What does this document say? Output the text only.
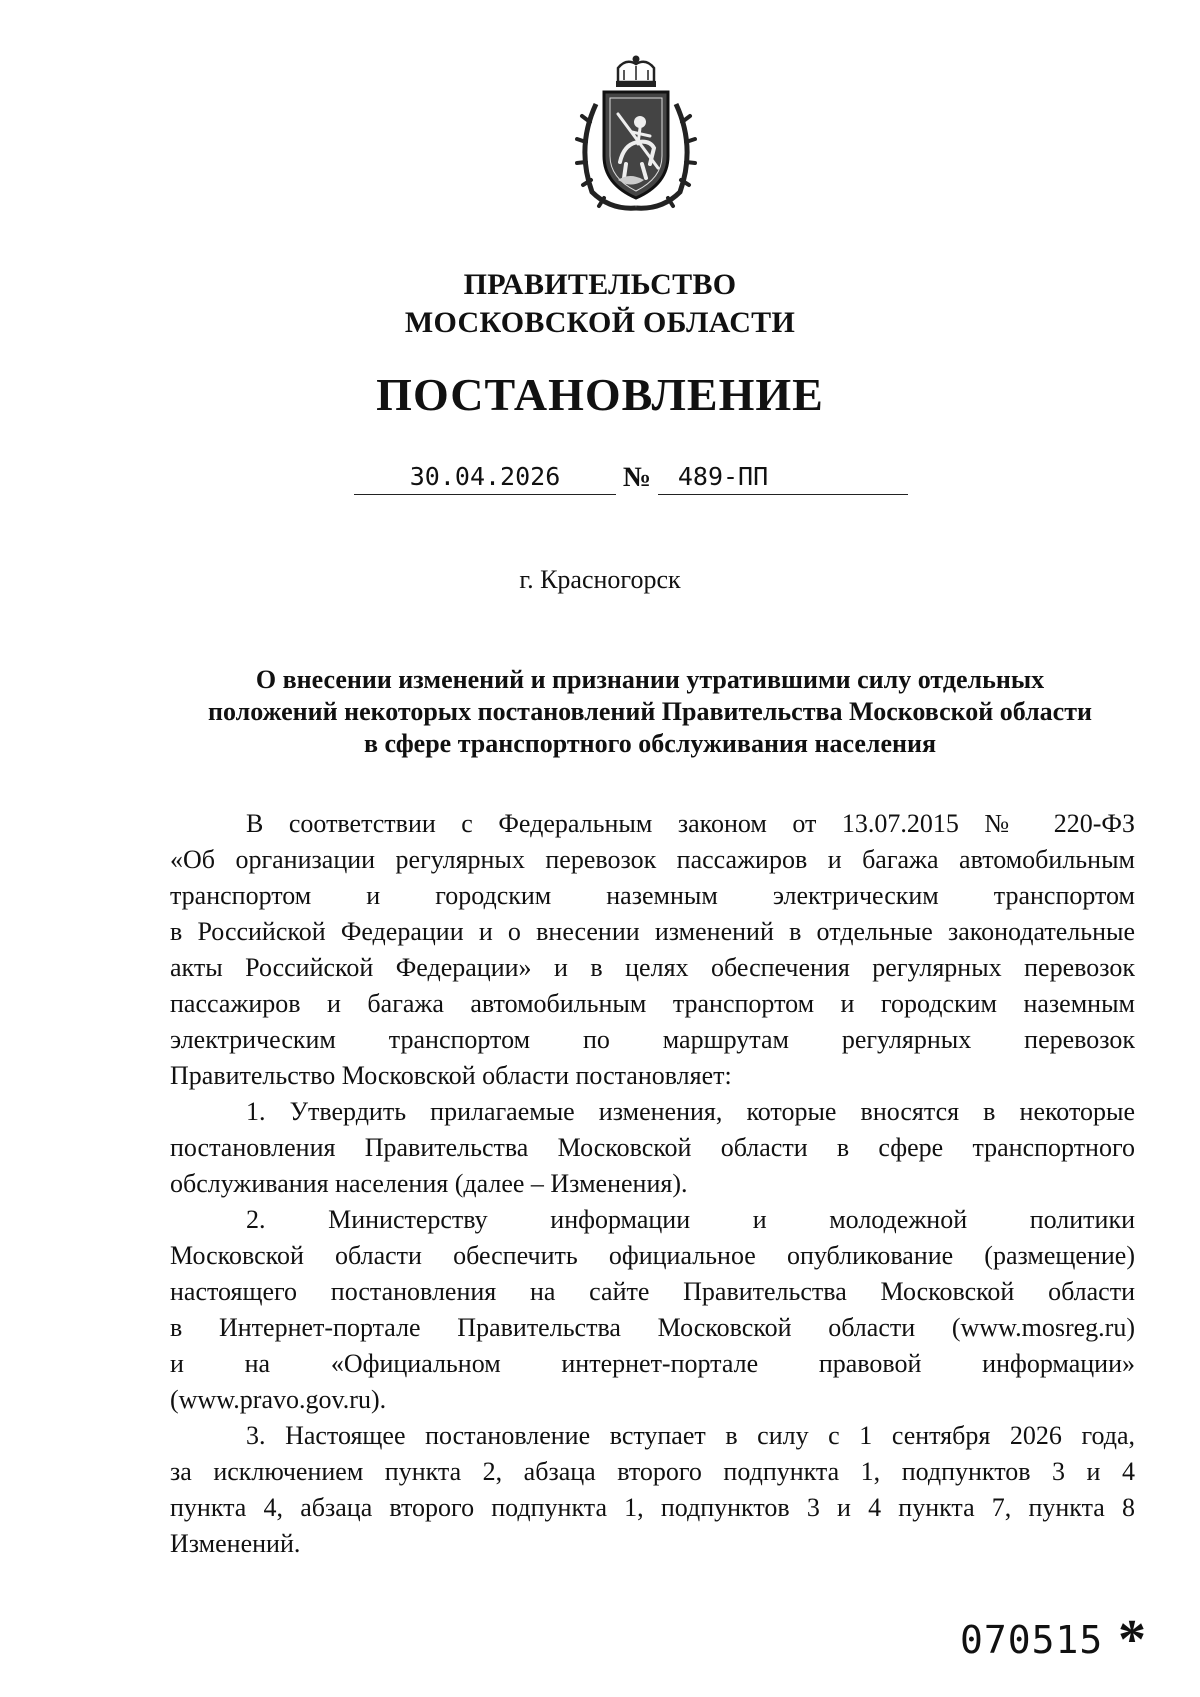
ПРАВИТЕЛЬСТВО
МОСКОВСКОЙ ОБЛАСТИ
ПОСТАНОВЛЕНИЕ
30.04.2026	№	489-ПП
г. Красногорск
О внесении изменений и признании утратившими силу отдельных
положений некоторых постановлений Правительства Московской области
в сфере транспортного обслуживания населения
В соответствии с Федеральным законом от 13.07.2015 № 220-ФЗ
«Об организации регулярных перевозок пассажиров и багажа автомобильным
транспортом и городским наземным электрическим транспортом
в Российской Федерации и о внесении изменений в отдельные законодательные
акты Российской Федерации» и в целях обеспечения регулярных перевозок
пассажиров и багажа автомобильным транспортом и городским наземным
электрическим транспортом по маршрутам регулярных перевозок
Правительство Московской области постановляет:
1. Утвердить прилагаемые изменения, которые вносятся в некоторые
постановления Правительства Московской области в сфере транспортного
обслуживания населения (далее – Изменения).
2. Министерству информации и молодежной политики
Московской области обеспечить официальное опубликование (размещение)
настоящего постановления на сайте Правительства Московской области
в Интернет-портале Правительства Московской области (www.mosreg.ru)
и на «Официальном интернет-портале правовой информации»
(www.pravo.gov.ru).
3. Настоящее постановление вступает в силу с 1 сентября 2026 года,
за исключением пункта 2, абзаца второго подпункта 1, подпунктов 3 и 4
пункта 4, абзаца второго подпункта 1, подпунктов 3 и 4 пункта 7, пункта 8
Изменений.
070515 *
